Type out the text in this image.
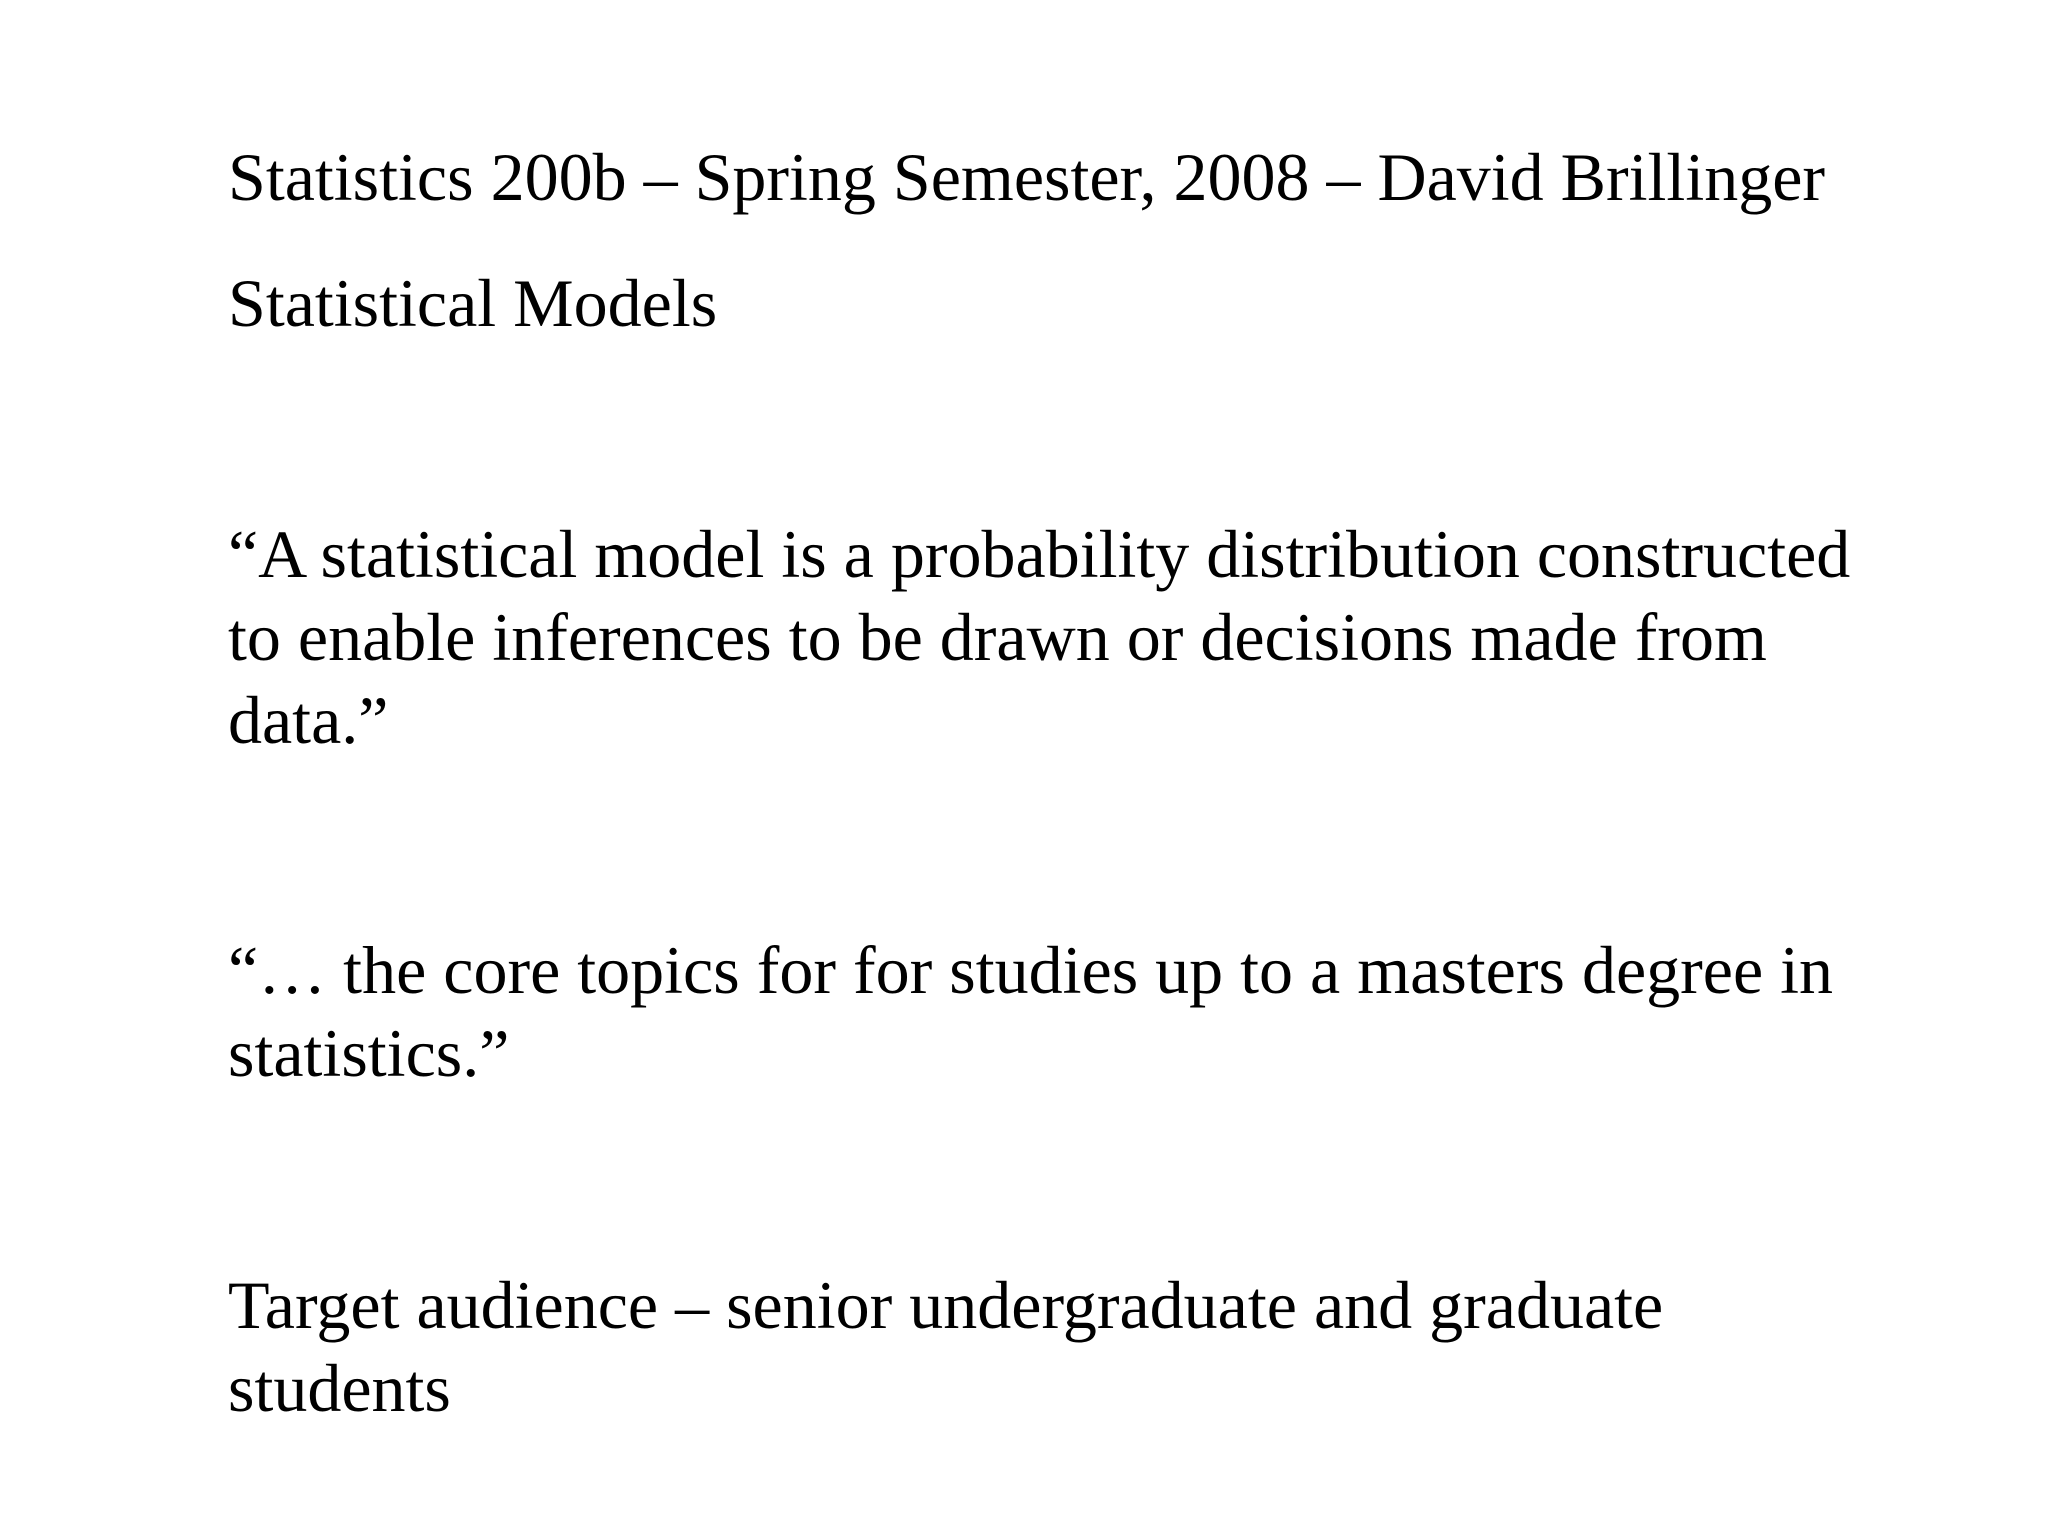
Statistics 200b – Spring Semester, 2008 – David Brillinger
Statistical Models

“A statistical model is a probability distribution constructed
to enable inferences to be drawn or decisions made from
data.”

“… the core topics for for studies up to a masters degree in
statistics.”

Target audience – senior undergraduate and graduate
students
